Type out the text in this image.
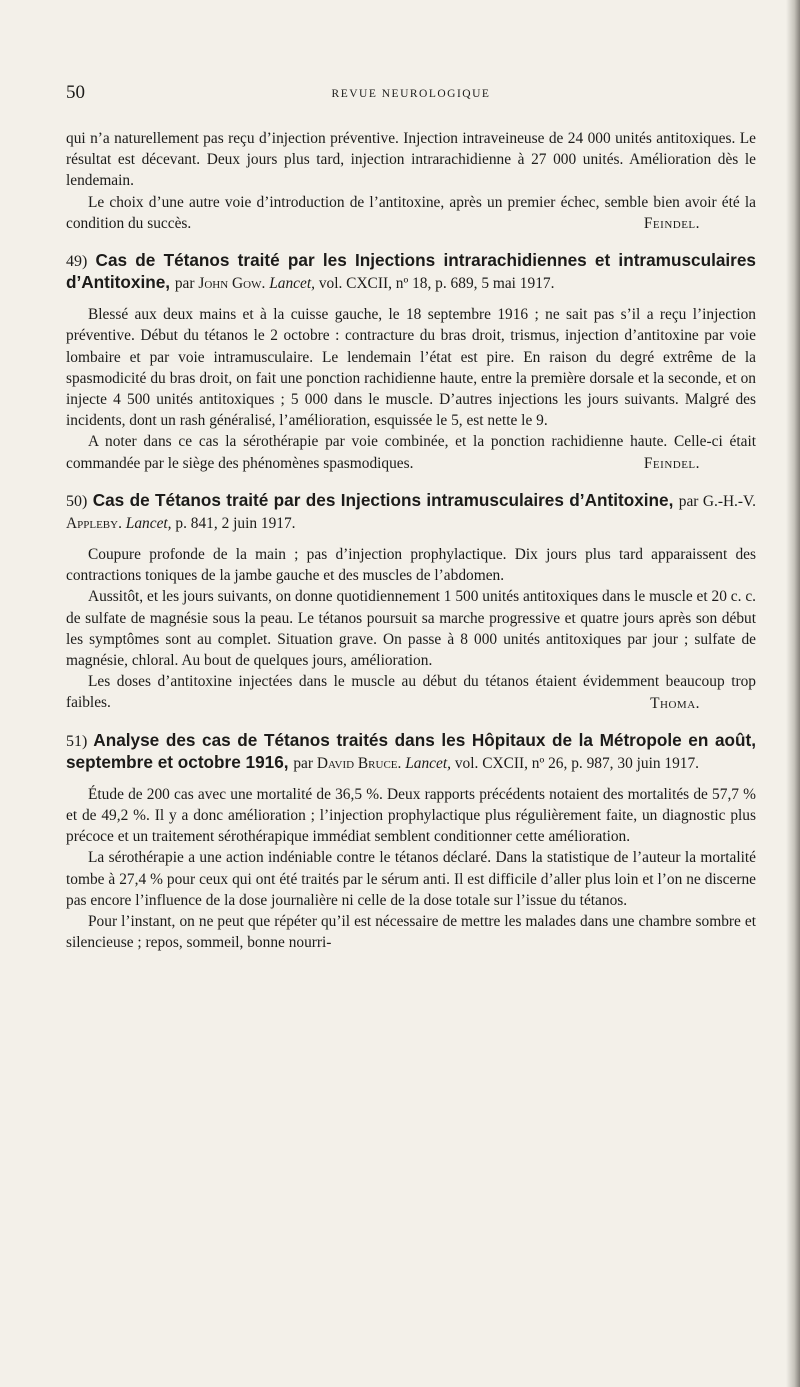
50	REVUE NEUROLOGIQUE

qui n’a naturellement pas reçu d’injection préventive. Injection intraveineuse de 24 000 unités antitoxiques. Le résultat est décevant. Deux jours plus tard, injection intrarachidienne à 27 000 unités. Amélioration dès le lendemain.

Le choix d’une autre voie d’introduction de l’antitoxine, après un premier échec, semble bien avoir été la condition du succès.	Feindel.

49) Cas de Tétanos traité par les Injections intrarachidiennes et intramusculaires d’Antitoxine, par John Gow. Lancet, vol. CXCII, nº 18, p. 689, 5 mai 1917.

Blessé aux deux mains et à la cuisse gauche, le 18 septembre 1916 ; ne sait pas s’il a reçu l’injection préventive. Début du tétanos le 2 octobre : contracture du bras droit, trismus, injection d’antitoxine par voie lombaire et par voie intramusculaire. Le lendemain l’état est pire. En raison du degré extrême de la spasmodicité du bras droit, on fait une ponction rachidienne haute, entre la première dorsale et la seconde, et on injecte 4 500 unités antitoxiques ; 5 000 dans le muscle. D’autres injections les jours suivants. Malgré des incidents, dont un rash généralisé, l’amélioration, esquissée le 5, est nette le 9.

A noter dans ce cas la sérothérapie par voie combinée, et la ponction rachidienne haute. Celle-ci était commandée par le siège des phénomènes spasmodiques.	Feindel.

50) Cas de Tétanos traité par des Injections intramusculaires d’Antitoxine, par G.-H.-V. Appleby. Lancet, p. 841, 2 juin 1917.

Coupure profonde de la main ; pas d’injection prophylactique. Dix jours plus tard apparaissent des contractions toniques de la jambe gauche et des muscles de l’abdomen.

Aussitôt, et les jours suivants, on donne quotidiennement 1 500 unités antitoxiques dans le muscle et 20 c. c. de sulfate de magnésie sous la peau. Le tétanos poursuit sa marche progressive et quatre jours après son début les symptômes sont au complet. Situation grave. On passe à 8 000 unités antitoxiques par jour ; sulfate de magnésie, chloral. Au bout de quelques jours, amélioration.

Les doses d’antitoxine injectées dans le muscle au début du tétanos étaient évidemment beaucoup trop faibles.	Thoma.

51) Analyse des cas de Tétanos traités dans les Hôpitaux de la Métropole en août, septembre et octobre 1916, par David Bruce. Lancet, vol. CXCII, nº 26, p. 987, 30 juin 1917.

Étude de 200 cas avec une mortalité de 36,5 %. Deux rapports précédents notaient des mortalités de 57,7 % et de 49,2 %. Il y a donc amélioration ; l’injection prophylactique plus régulièrement faite, un diagnostic plus précoce et un traitement sérothérapique immédiat semblent conditionner cette amélioration.

La sérothérapie a une action indéniable contre le tétanos déclaré. Dans la statistique de l’auteur la mortalité tombe à 27,4 % pour ceux qui ont été traités par le sérum anti. Il est difficile d’aller plus loin et l’on ne discerne pas encore l’influence de la dose journalière ni celle de la dose totale sur l’issue du tétanos.

Pour l’instant, on ne peut que répéter qu’il est nécessaire de mettre les malades dans une chambre sombre et silencieuse ; repos, sommeil, bonne nourri-
